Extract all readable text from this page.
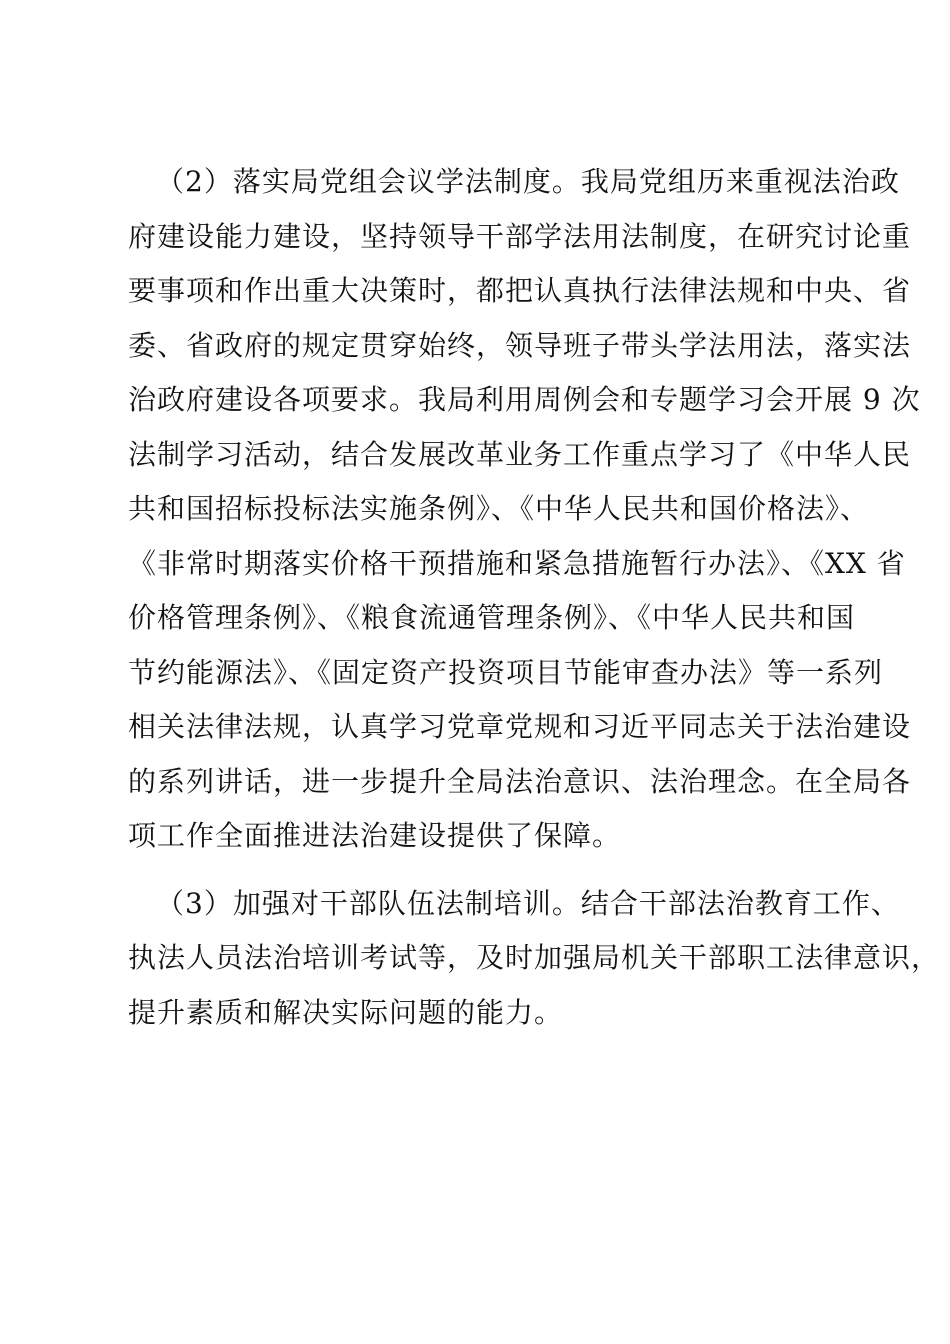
（2）落实局党组会议学法制度。我局党组历来重视法治政
府建设能力建设，坚持领导干部学法用法制度，在研究讨论重
要事项和作出重大决策时，都把认真执行法律法规和中央、省
委、省政府的规定贯穿始终，领导班子带头学法用法，落实法
治政府建设各项要求。我局利用周例会和专题学习会开展 9 次
法制学习活动，结合发展改革业务工作重点学习了《中华人民
共和国招标投标法实施条例》、《中华人民共和国价格法》、
《非常时期落实价格干预措施和紧急措施暂行办法》、《XX 省
价格管理条例》、《粮食流通管理条例》、《中华人民共和国
节约能源法》、《固定资产投资项目节能审查办法》等一系列
相关法律法规，认真学习党章党规和习近平同志关于法治建设
的系列讲话，进一步提升全局法治意识、法治理念。在全局各
项工作全面推进法治建设提供了保障。

（3）加强对干部队伍法制培训。结合干部法治教育工作、
执法人员法治培训考试等，及时加强局机关干部职工法律意识，
提升素质和解决实际问题的能力。
